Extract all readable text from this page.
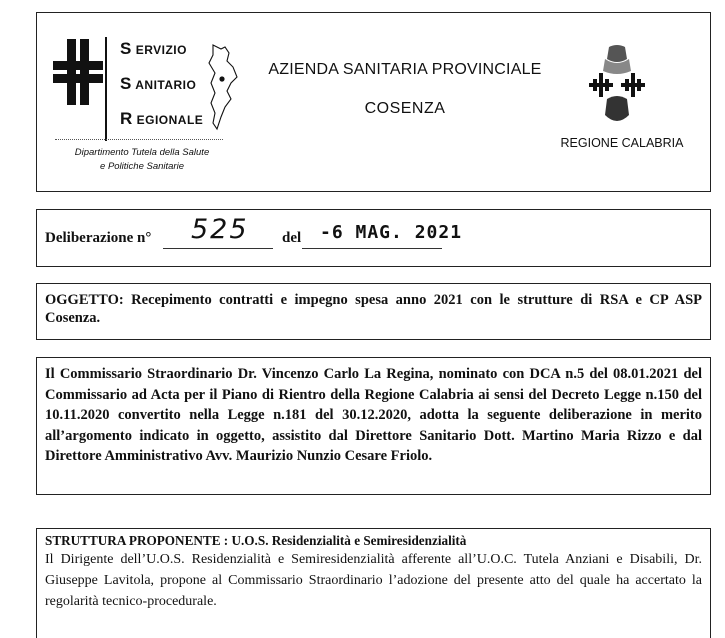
S ERVIZIO
S ANITARIO
R EGIONALE
Dipartimento Tutela della Salute
e Politiche Sanitarie
AZIENDA SANITARIA PROVINCIALE
COSENZA
REGIONE CALABRIA
Deliberazione n° 525 del -6 MAG. 2021
OGGETTO: Recepimento contratti e impegno spesa anno 2021 con le strutture di RSA e CP ASP Cosenza.
Il Commissario Straordinario Dr. Vincenzo Carlo La Regina, nominato con DCA n.5 del 08.01.2021 del Commissario ad Acta per il Piano di Rientro della Regione Calabria ai sensi del Decreto Legge n.150 del 10.11.2020 convertito nella Legge n.181 del 30.12.2020, adotta la seguente deliberazione in merito all’argomento indicato in oggetto, assistito dal Direttore Sanitario Dott. Martino Maria Rizzo e dal Direttore Amministrativo Avv. Maurizio Nunzio Cesare Friolo.
STRUTTURA PROPONENTE : U.O.S. Residenzialità e Semiresidenzialità
Il Dirigente dell’U.O.S. Residenzialità e Semiresidenzialità afferente all’U.O.C. Tutela Anziani e Disabili, Dr. Giuseppe Lavitola, propone al Commissario Straordinario l’adozione del presente atto del quale ha accertato la regolarità tecnico-procedurale.
